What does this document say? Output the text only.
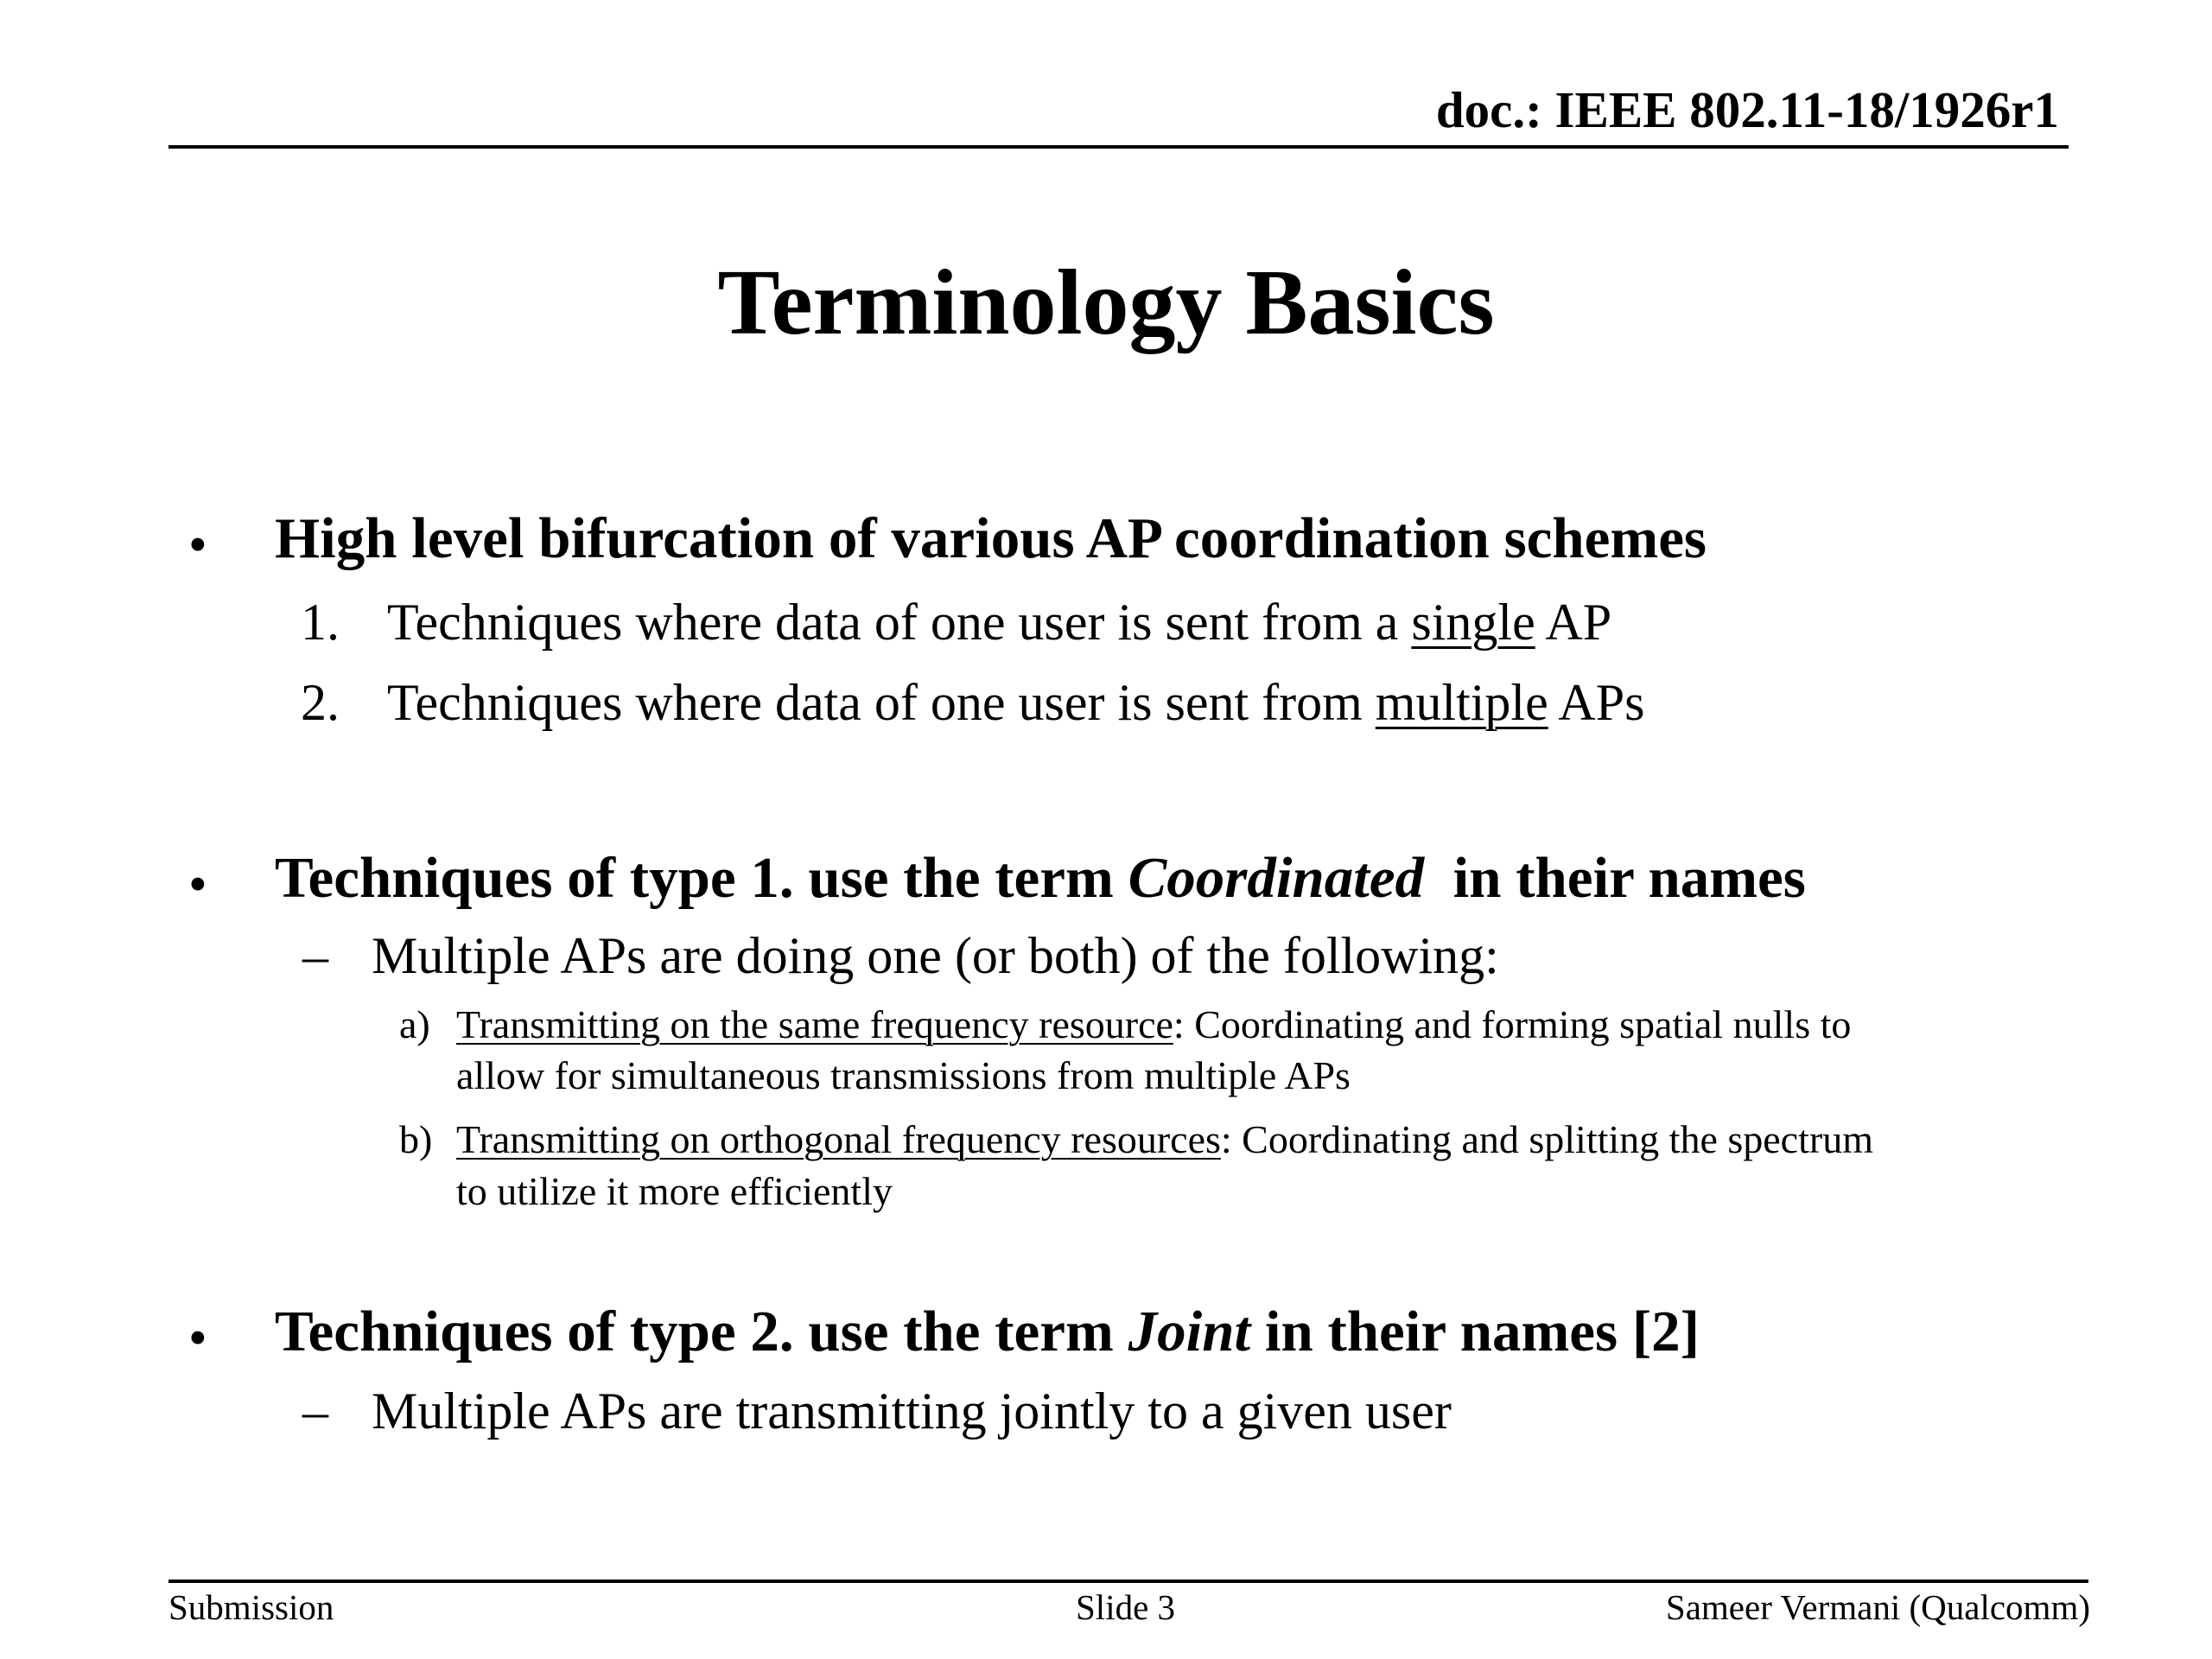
doc.: IEEE 802.11-18/1926r1
Terminology Basics
• High level bifurcation of various AP coordination schemes
1. Techniques where data of one user is sent from a single AP
2. Techniques where data of one user is sent from multiple APs
• Techniques of type 1. use the term Coordinated  in their names
– Multiple APs are doing one (or both) of the following:
a) Transmitting on the same frequency resource: Coordinating and forming spatial nulls to
allow for simultaneous transmissions from multiple APs
b) Transmitting on orthogonal frequency resources: Coordinating and splitting the spectrum
to utilize it more efficiently
• Techniques of type 2. use the term Joint in their names [2]
– Multiple APs are transmitting jointly to a given user
Submission	Slide 3	Sameer Vermani (Qualcomm)
